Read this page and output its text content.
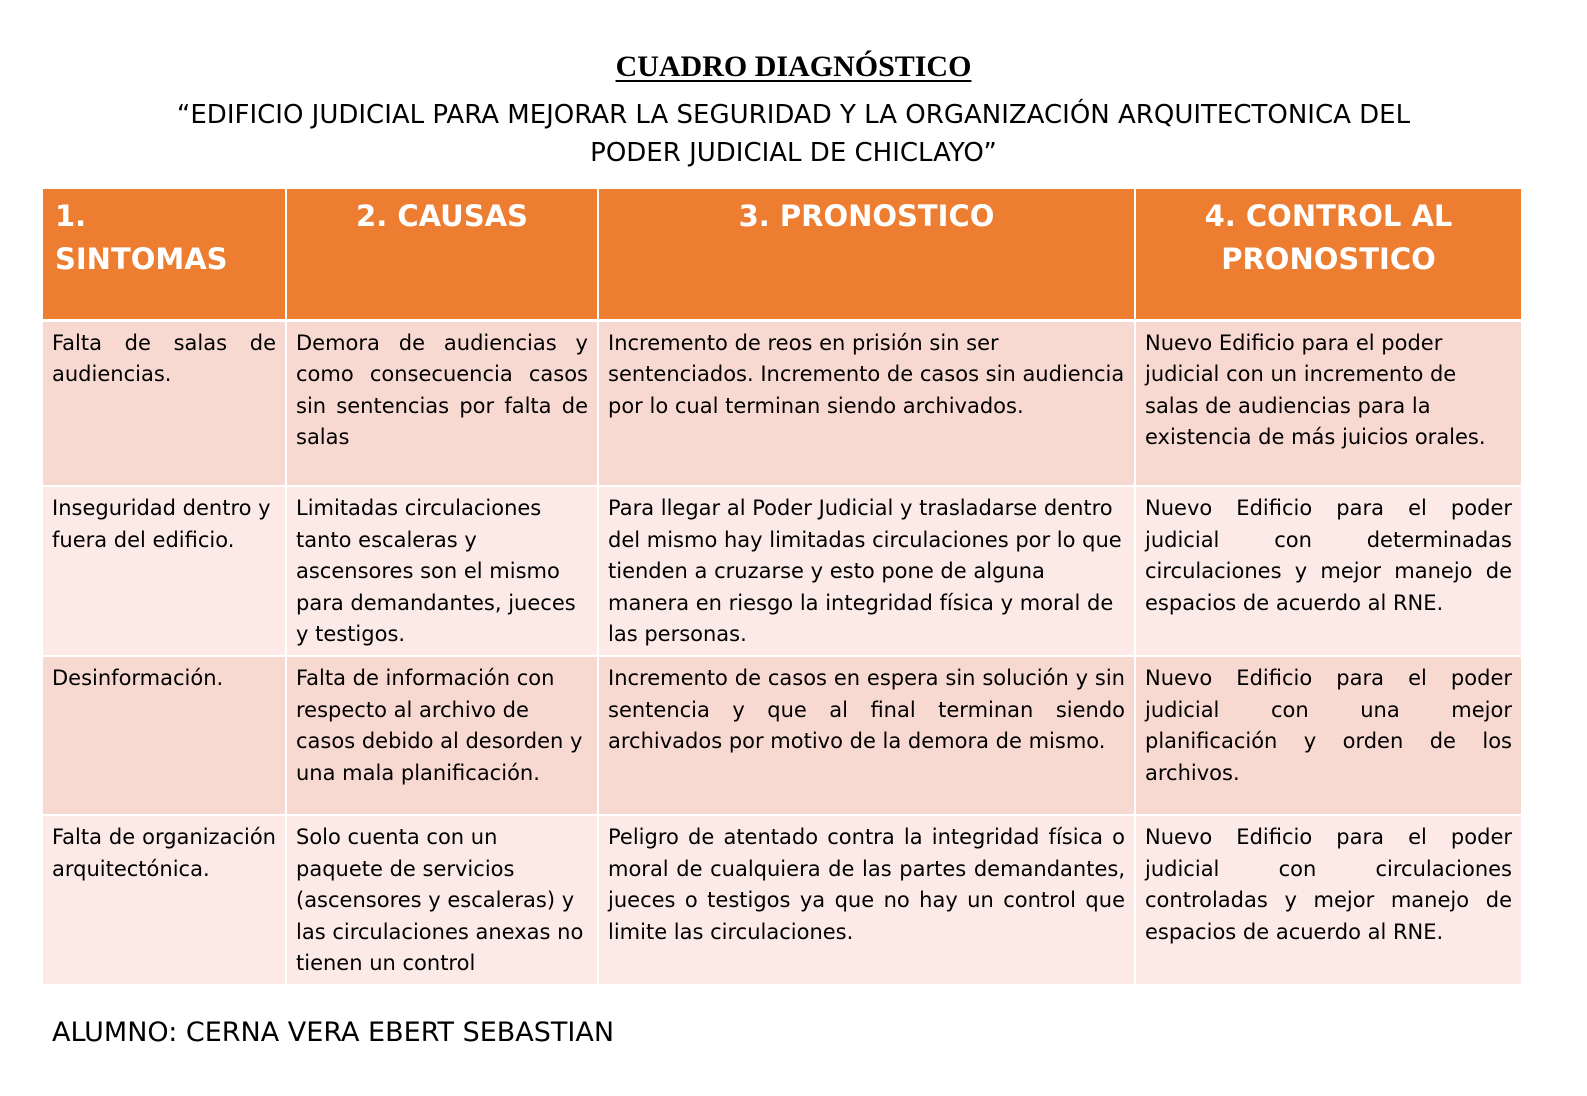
CUADRO DIAGNÓSTICO
“EDIFICIO JUDICIAL PARA MEJORAR LA SEGURIDAD Y LA ORGANIZACIÓN ARQUITECTONICA DEL
PODER JUDICIAL DE CHICLAYO”
1.SINTOMAS	2. CAUSAS	3. PRONOSTICO	4. CONTROL AL
PRONOSTICO

Falta de salas de audiencias.	Demora de audiencias y como consecuencia casos sin sentencias por falta de salas	Incremento de reos en prisión sin ser sentenciados. Incremento de casos sin audiencia por lo cual terminan siendo archivados.	Nuevo Edificio para el poder judicial con un incremento de salas de audiencias para la existencia de más juicios orales.
Inseguridad dentro y fuera del edificio.	Limitadas circulaciones tanto escaleras y ascensores son el mismo para demandantes, jueces y testigos.	Para llegar al Poder Judicial y trasladarse dentro del mismo hay limitadas circulaciones por lo que tienden a cruzarse y esto pone de alguna manera en riesgo la integridad física y moral de las personas.	Nuevo Edificio para el poder judicial con determinadas circulaciones y mejor manejo de espacios de acuerdo al RNE.
Desinformación.	Falta de información con respecto al archivo de casos debido al desorden y una mala planificación.	Incremento de casos en espera sin solución y sin sentencia y que al final terminan siendo archivados por motivo de la demora de mismo.	Nuevo Edificio para el poder judicial con una mejor planificación y orden de los archivos.
Falta de organización arquitectónica.	Solo cuenta con un paquete de servicios (ascensores y escaleras) y las circulaciones anexas no tienen un control	Peligro de atentado contra la integridad física o moral de cualquiera de las partes demandantes, jueces o testigos ya que no hay un control que limite las circulaciones.	Nuevo Edificio para el poder judicial con circulaciones controladas y mejor manejo de espacios de acuerdo al RNE.
ALUMNO: CERNA VERA EBERT SEBASTIAN
